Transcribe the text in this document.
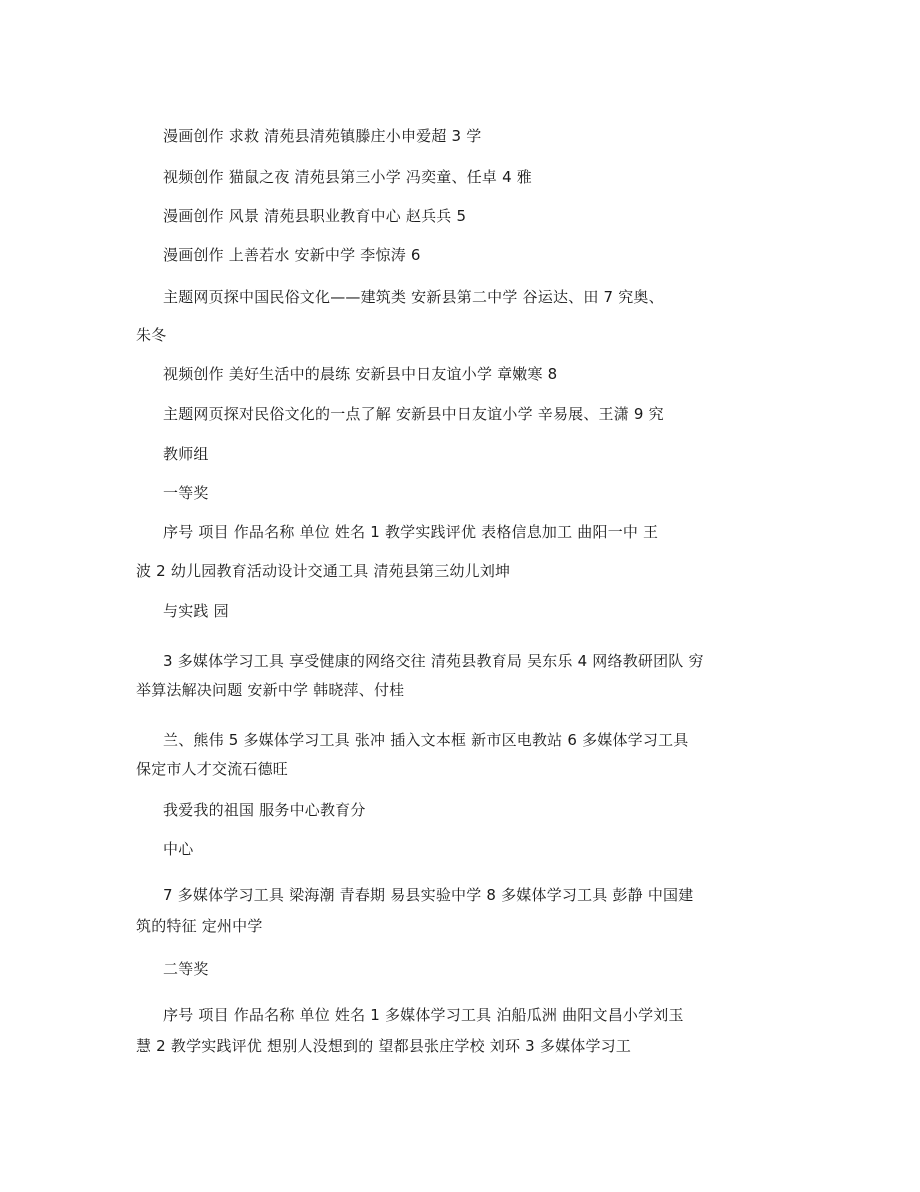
漫画创作 求救 清苑县清苑镇滕庄小申爱超 3 学
视频创作 猫鼠之夜 清苑县第三小学 冯奕童、任卓 4 雅
漫画创作 风景 清苑县职业教育中心 赵兵兵 5
漫画创作 上善若水 安新中学 李惊涛 6
主题网页探中国民俗文化——建筑类 安新县第二中学 谷运达、田 7 究奥、
朱冬
视频创作 美好生活中的晨练 安新县中日友谊小学 章嫩寒 8
主题网页探对民俗文化的一点了解 安新县中日友谊小学 辛易展、王潇 9 究
教师组
一等奖
序号 项目 作品名称 单位 姓名 1 教学实践评优 表格信息加工 曲阳一中 王
波 2 幼儿园教育活动设计交通工具 清苑县第三幼儿刘坤
与实践 园
3 多媒体学习工具 享受健康的网络交往 清苑县教育局 吴东乐 4 网络教研团队 穷
举算法解决问题 安新中学 韩晓萍、付桂
兰、熊伟 5 多媒体学习工具 张冲 插入文本框 新市区电教站 6 多媒体学习工具
保定市人才交流石德旺
我爱我的祖国 服务中心教育分
中心
7 多媒体学习工具 梁海潮 青春期 易县实验中学 8 多媒体学习工具 彭静 中国建
筑的特征 定州中学
二等奖
序号 项目 作品名称 单位 姓名 1 多媒体学习工具 泊船瓜洲 曲阳文昌小学刘玉
慧 2 教学实践评优 想别人没想到的 望都县张庄学校 刘环 3 多媒体学习工
